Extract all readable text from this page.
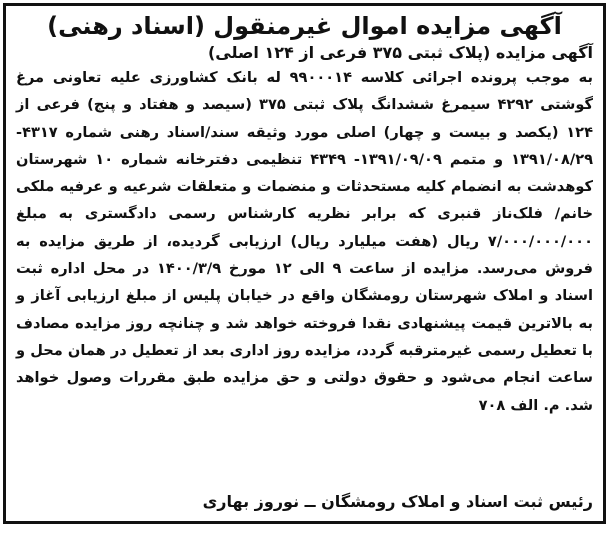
آگهی مزایده اموال غیرمنقول (اسناد رهنی)

آگهی مزایده (پلاک ثبتی ۳۷۵ فرعی از ۱۲۴ اصلی)

به موجب پرونده اجرائی کلاسه ۹۹۰۰۰۱۴ له بانک کشاورزی علیه تعاونی مرغ گوشتی ۴۲۹۲ سیمرغ ششدانگ پلاک ثبتی ۳۷۵ (سیصد و هفتاد و پنج) فرعی از ۱۲۴ (یکصد و بیست و چهار) اصلی مورد وثیقه سند/اسناد رهنی شماره ۴۳۱۷- ۱۳۹۱/۰۸/۲۹ و متمم ۱۳۹۱/۰۹/۰۹- ۴۳۴۹ تنظیمی دفترخانه شماره ۱۰ شهرستان کوهدشت به انضمام کلیه مستحدثات و منضمات و متعلقات شرعیه و عرفیه ملکی خانم/ فلک‌ناز قنبری که برابر نظریه کارشناس رسمی دادگستری به مبلغ ۷/۰۰۰/۰۰۰/۰۰۰ ریال (هفت میلیارد ریال) ارزیابی گردیده، از طریق مزایده به فروش می‌رسد. مزایده از ساعت ۹ الی ۱۲ مورخ ۱۴۰۰/۳/۹ در محل اداره ثبت اسناد و املاک شهرستان رومشگان واقع در خیابان پلیس از مبلغ ارزیابی آغاز و به بالاترین قیمت پیشنهادی نقدا فروخته خواهد شد و چنانچه روز مزایده مصادف با تعطیل رسمی غیرمترقبه گردد، مزایده روز اداری بعد از تعطیل در همان محل و ساعت انجام می‌شود و حقوق دولتی و حق مزایده طبق مقررات وصول خواهد شد. م. الف ۷۰۸

رئیس ثبت اسناد و املاک رومشگان ــ نوروز بهاری
